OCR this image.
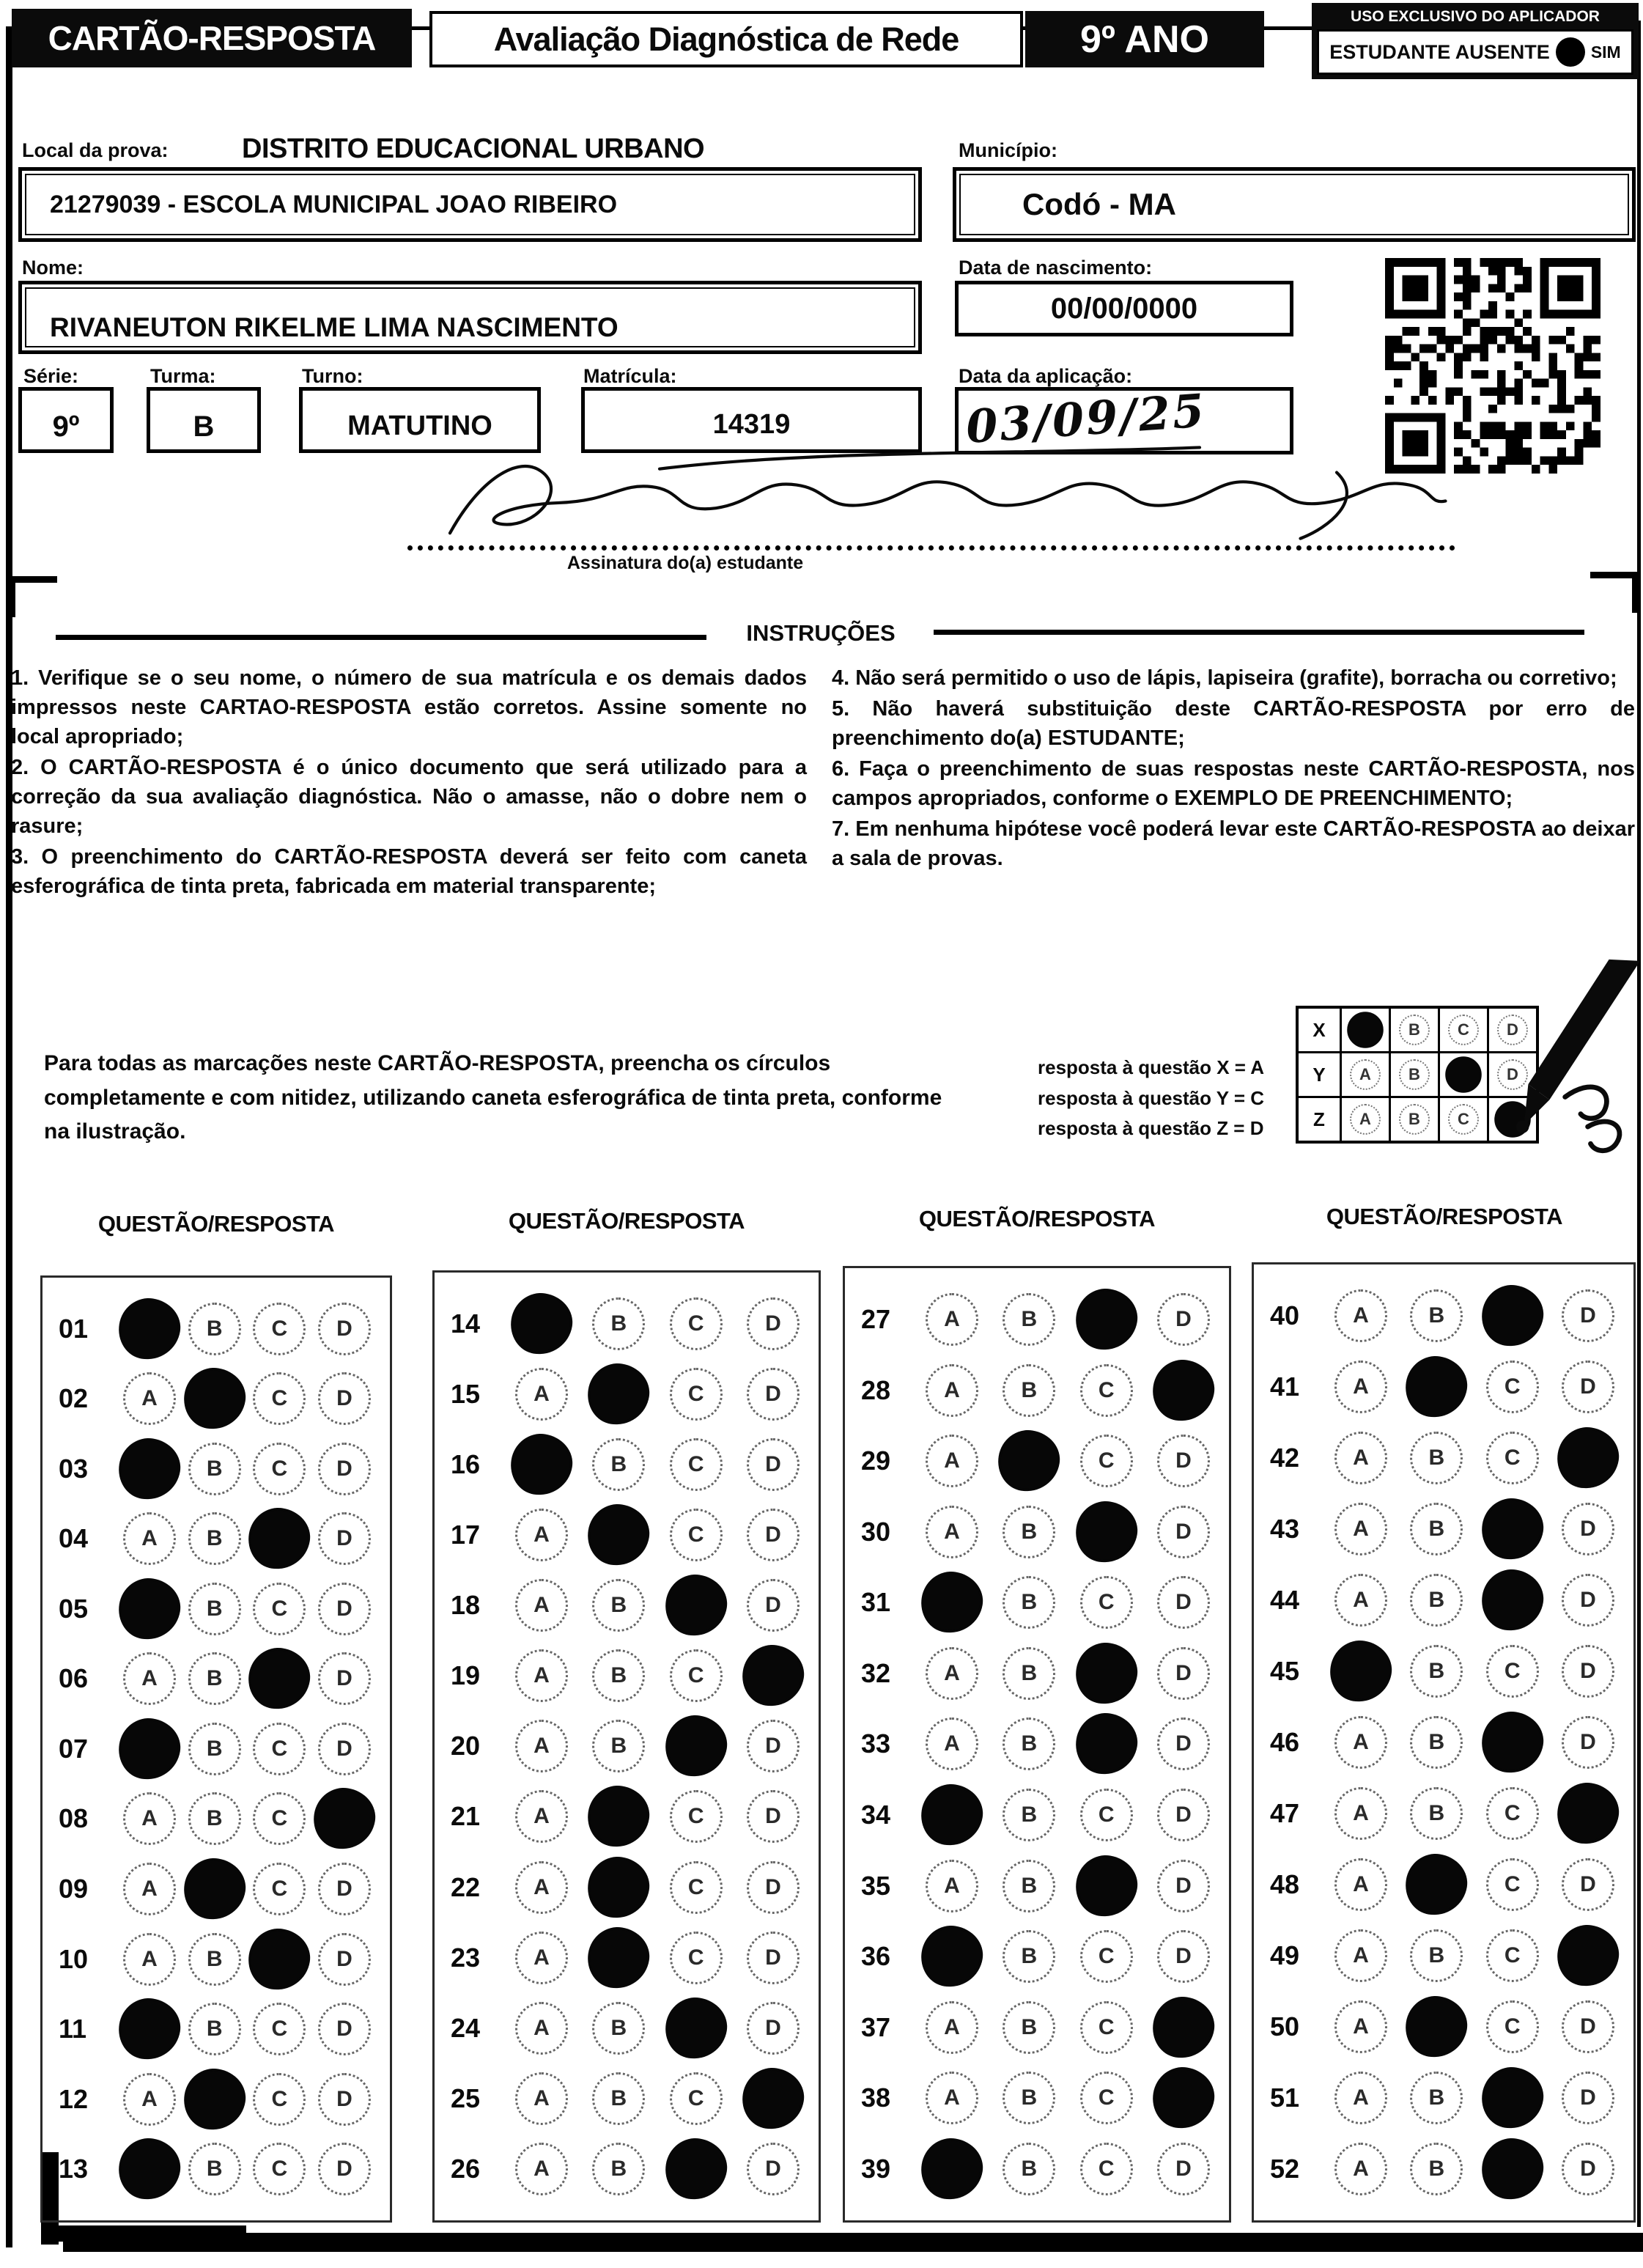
CARTÃO-RESPOSTA	Avaliação Diagnóstica de Rede	9º ANO
USO EXCLUSIVO DO APLICADOR
ESTUDANTE AUSENTE SIM
Local da prova:	DISTRITO EDUCACIONAL URBANO	Município:
21279039 - ESCOLA MUNICIPAL JOAO RIBEIRO	Codó - MA
Nome:	Data de nascimento:
RIVANEUTON RIKELME LIMA NASCIMENTO
00/00/0000
Série:	Turma:	Turno:	Matrícula:	Data da aplicação:
9º	B	MATUTINO	14319	03/09/25
Assinatura do(a) estudante
INSTRUÇÕES

1. Verifique se o seu nome, o número de sua matrícula e os demais dados impressos neste CARTAO-RESPOSTA estão corretos. Assine somente no local apropriado;

2. O CARTÃO-RESPOSTA é o único documento que será utilizado para a correção da sua avaliação diagnóstica. Não o amasse, não o dobre nem o rasure;

3. O preenchimento do CARTÃO-RESPOSTA deverá ser feito com caneta esferográfica de tinta preta, fabricada em material transparente;

4. Não será permitido o uso de lápis, lapiseira (grafite), borracha ou corretivo;

5. Não haverá substituição deste CARTÃO-RESPOSTA por erro de preenchimento do(a) ESTUDANTE;

6. Faça o preenchimento de suas respostas neste CARTÃO-RESPOSTA, nos campos apropriados, conforme o EXEMPLO DE PREENCHIMENTO;

7. Em nenhuma hipótese você poderá levar este CARTÃO-RESPOSTA ao deixar a sala de provas.

Para todas as marcações neste CARTÃO-RESPOSTA, preencha os círculos completamente e com nitidez, utilizando caneta esferográfica de tinta preta, conforme na ilustração.
resposta à questão X = A
resposta à questão Y = C
resposta à questão Z = D
X	B	C	D
Y	A	B	D
Z	A	B	C
QUESTÃO/RESPOSTA	QUESTÃO/RESPOSTA	QUESTÃO/RESPOSTA	QUESTÃO/RESPOSTA
01	B	C	D
02	A	C	D
03	B	C	D
04	A	B	D
05	B	C	D
06	A	B	D
07	B	C	D
08	A	B	C
09	A	C	D
10	A	B	D
11	B	C	D
12	A	C	D
13	B	C	D
14	B	C	D
15	A	C	D
16	B	C	D
17	A	C	D
18	A	B	D
19	A	B	C
20	A	B	D
21	A	C	D
22	A	C	D
23	A	C	D
24	A	B	D
25	A	B	C
26	A	B	D
27	A	B	D
28	A	B	C
29	A	C	D
30	A	B	D
31	B	C	D
32	A	B	D
33	A	B	D
34	B	C	D
35	A	B	D
36	B	C	D
37	A	B	C
38	A	B	C
39	B	C	D
40	A	B	D
41	A	C	D
42	A	B	C
43	A	B	D
44	A	B	D
45	B	C	D
46	A	B	D
47	A	B	C
48	A	C	D
49	A	B	C
50	A	C	D
51	A	B	D
52	A	B	D
